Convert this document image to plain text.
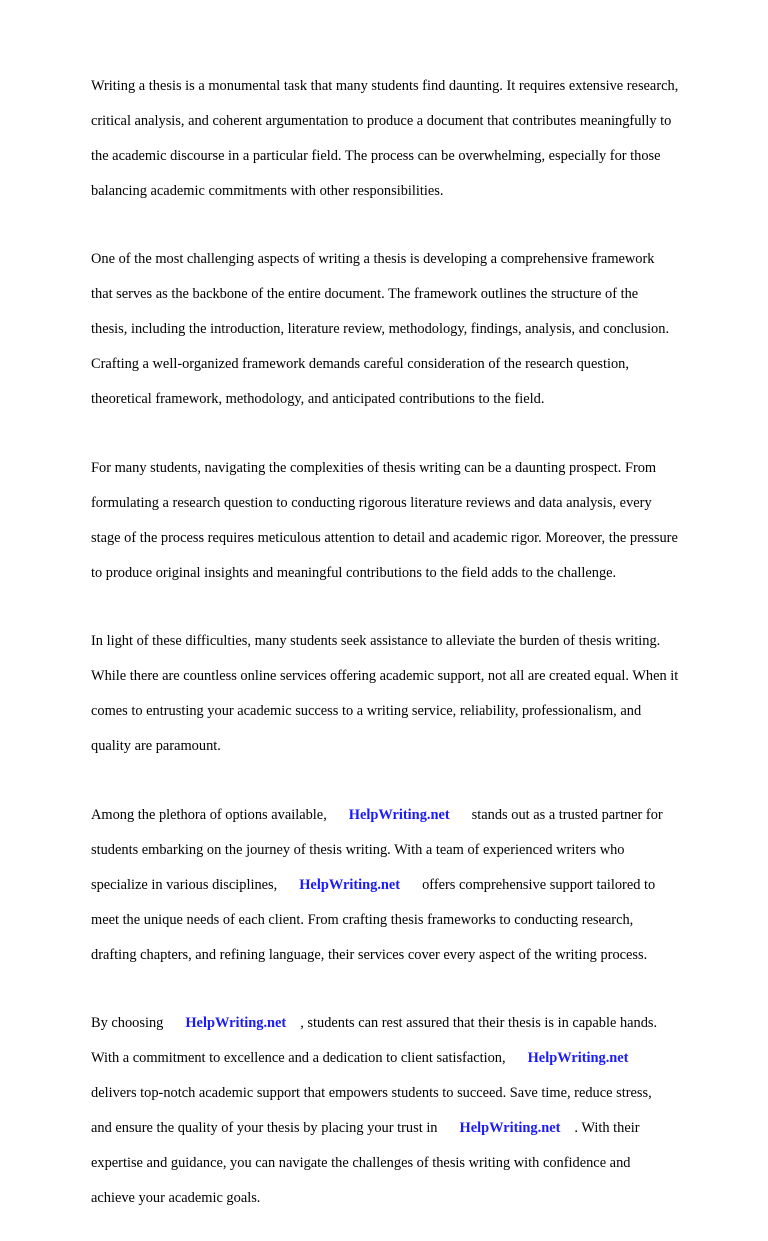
Writing a thesis is a monumental task that many students find daunting. It requires extensive research,

critical analysis, and coherent argumentation to produce a document that contributes meaningfully to

the academic discourse in a particular field. The process can be overwhelming, especially for those

balancing academic commitments with other responsibilities.

One of the most challenging aspects of writing a thesis is developing a comprehensive framework

that serves as the backbone of the entire document. The framework outlines the structure of the

thesis, including the introduction, literature review, methodology, findings, analysis, and conclusion.

Crafting a well-organized framework demands careful consideration of the research question,

theoretical framework, methodology, and anticipated contributions to the field.

For many students, navigating the complexities of thesis writing can be a daunting prospect. From

formulating a research question to conducting rigorous literature reviews and data analysis, every

stage of the process requires meticulous attention to detail and academic rigor. Moreover, the pressure

to produce original insights and meaningful contributions to the field adds to the challenge.

In light of these difficulties, many students seek assistance to alleviate the burden of thesis writing.

While there are countless online services offering academic support, not all are created equal. When it

comes to entrusting your academic success to a writing service, reliability, professionalism, and

quality are paramount.

Among the plethora of options available, HelpWriting.net stands out as a trusted partner for

students embarking on the journey of thesis writing. With a team of experienced writers who

specialize in various disciplines, HelpWriting.net offers comprehensive support tailored to

meet the unique needs of each client. From crafting thesis frameworks to conducting research,

drafting chapters, and refining language, their services cover every aspect of the writing process.

By choosing HelpWriting.net , students can rest assured that their thesis is in capable hands.

With a commitment to excellence and a dedication to client satisfaction, HelpWriting.net

delivers top-notch academic support that empowers students to succeed. Save time, reduce stress,

and ensure the quality of your thesis by placing your trust in HelpWriting.net . With their

expertise and guidance, you can navigate the challenges of thesis writing with confidence and

achieve your academic goals.
